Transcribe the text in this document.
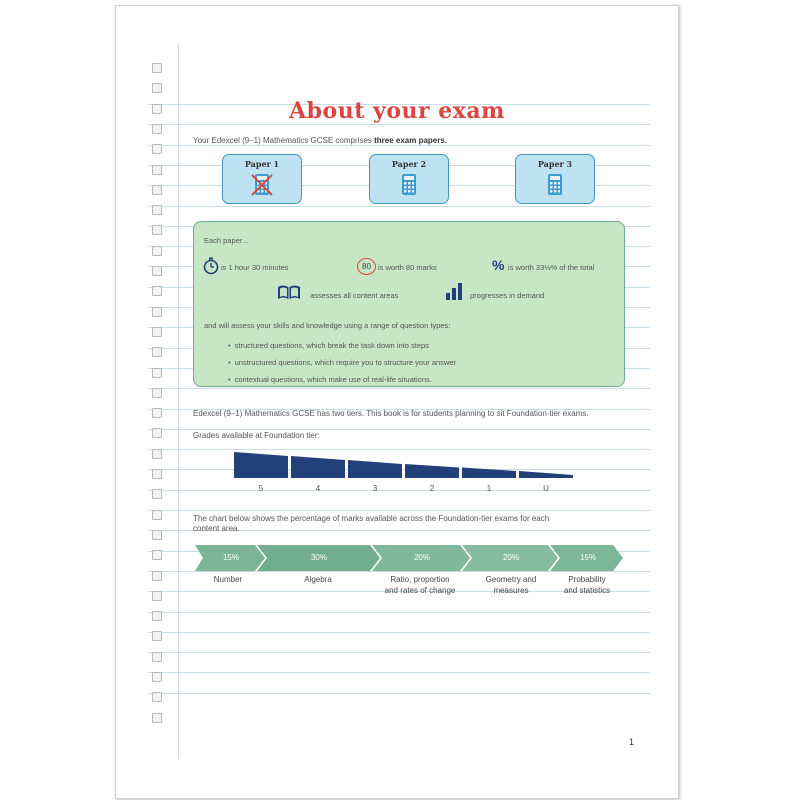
About your exam
Your Edexcel (9–1) Mathematics GCSE comprises three exam papers.
Paper 1	Paper 2	Paper 3
Each paper...
is 1 hour 30 minutes	80 is worth 80 marks	% is worth 33⅓% of the total
assesses all content areas	progresses in demand
and will assess your skills and knowledge using a range of question types:
• structured questions, which break the task down into steps
• unstructured questions, which require you to structure your answer
• contextual questions, which make use of real-life situations.
Edexcel (9–1) Mathematics GCSE has two tiers. This book is for students planning to sit Foundation-tier exams.
Grades available at Foundation tier:
5	4	3	2	1	U
The chart below shows the percentage of marks available across the Foundation-tier exams for each
content area.
15%	30%	20%	20%	15%
Number	Algebra	Ratio, proportion
and rates of change
Geometry and
measures
Probability
and statistics
1
